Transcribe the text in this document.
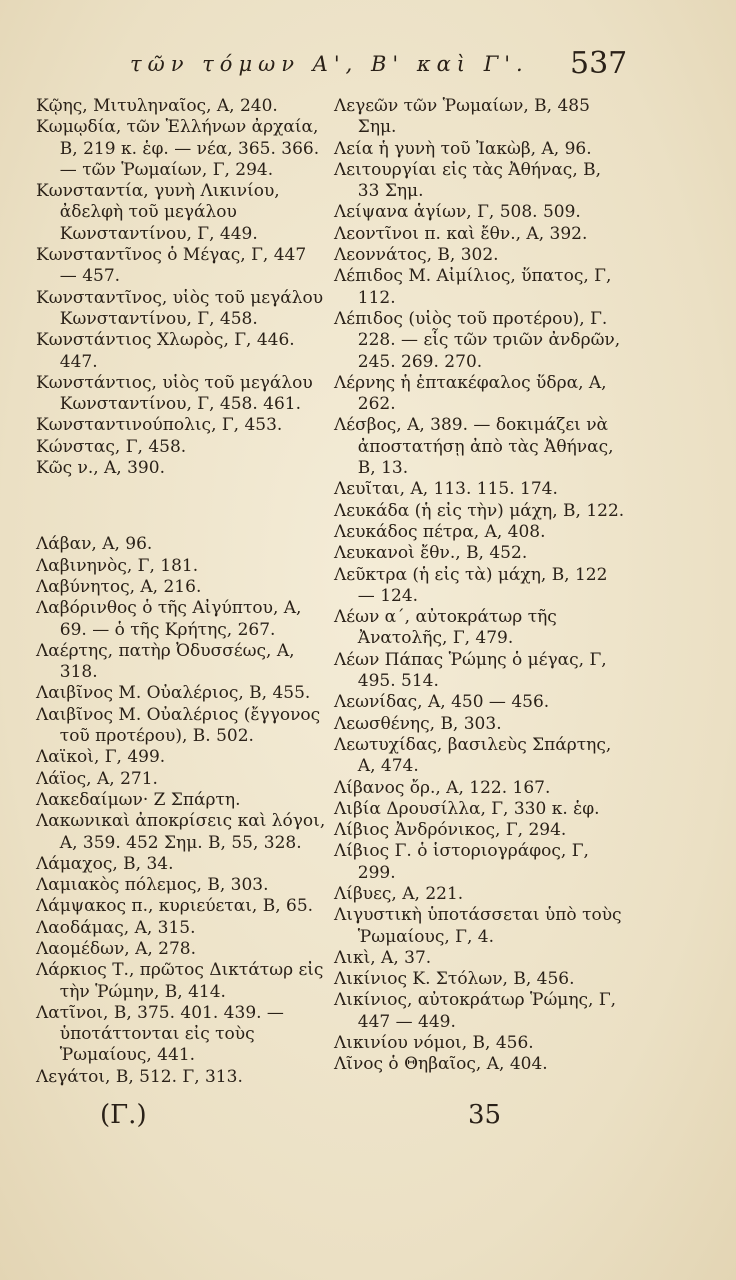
τῶν τόμων Α', Β' καὶ Γ'. 537

Κῷης, Μιτυληναῖος, Α, 240.

Κωμῳδία, τῶν Ἑλλήνων ἀρχαία, Β, 219 κ. ἑφ. — νέα, 365. 366. — τῶν Ῥωμαίων, Γ, 294.

Κωνσταντία, γυνὴ Λικινίου, ἀδελφὴ τοῦ μεγάλου Κωνσταντίνου, Γ, 449.

Κωνσταντῖνος ὁ Μέγας, Γ, 447 — 457.

Κωνσταντῖνος, υἱὸς τοῦ μεγάλου Κωνσταντίνου, Γ, 458.

Κωνστάντιος Χλωρὸς, Γ, 446. 447.

Κωνστάντιος, υἱὸς τοῦ μεγάλου Κωνσταντίνου, Γ, 458. 461.

Κωνσταντινούπολις, Γ, 453.

Κώνστας, Γ, 458.

Κῶς ν., Α, 390.

Λάβαν, Α, 96.

Λαβινηνὸς, Γ, 181.

Λαβύνητος, Α, 216.

Λαβόρινθος ὁ τῆς Αἰγύπτου, Α, 69. — ὁ τῆς Κρήτης, 267.

Λαέρτης, πατὴρ Ὀδυσσέως, Α, 318.

Λαιβῖνος Μ. Οὐαλέριος, Β, 455.

Λαιβῖνος Μ. Οὐαλέριος (ἔγγονος τοῦ προτέρου), Β. 502.

Λαϊκοὶ, Γ, 499.

Λάϊος, Α, 271.

Λακεδαίμων· Ζ Σπάρτη.

Λακωνικαὶ ἀποκρίσεις καὶ λόγοι, Α, 359. 452 Σημ. Β, 55, 328.

Λάμαχος, Β, 34.

Λαμιακὸς πόλεμος, Β, 303.

Λάμψακος π., κυριεύεται, Β, 65.

Λαοδάμας, Α, 315.

Λαομέδων, Α, 278.

Λάρκιος Τ., πρῶτος Δικτάτωρ εἰς τὴν Ῥώμην, Β, 414.

Λατῖνοι, Β, 375. 401. 439. — ὑποτάττονται εἰς τοὺς Ῥωμαίους, 441.

Λεγάτοι, Β, 512. Γ, 313.

Λεγεῶν τῶν Ῥωμαίων, Β, 485 Σημ.

Λεία ἡ γυνὴ τοῦ Ἰακὼβ, Α, 96.

Λειτουργίαι εἰς τὰς Ἀθήνας, Β, 33 Σημ.

Λείψανα ἁγίων, Γ, 508. 509.

Λεοντῖνοι π. καὶ ἔθν., Α, 392.

Λεοννάτος, Β, 302.

Λέπιδος Μ. Αἰμίλιος, ὕπατος, Γ, 112.

Λέπιδος (υἱὸς τοῦ προτέρου), Γ. 228. — εἷς τῶν τριῶν ἀνδρῶν, 245. 269. 270.

Λέρνης ἡ ἑπτακέφαλος ὕδρα, Α, 262.

Λέσβος, Α, 389. — δοκιμάζει νὰ ἀποστατήσῃ ἀπὸ τὰς Ἀθήνας, Β, 13.

Λευῖται, Α, 113. 115. 174.

Λευκάδα (ἡ εἰς τὴν) μάχη, Β, 122.

Λευκάδος πέτρα, Α, 408.

Λευκανοὶ ἔθν., Β, 452.

Λεῦκτρα (ἡ εἰς τὰ) μάχη, Β, 122 — 124.

Λέων α΄, αὐτοκράτωρ τῆς Ἀνατολῆς, Γ, 479.

Λέων Πάπας Ῥώμης ὁ μέγας, Γ, 495. 514.

Λεωνίδας, Α, 450 — 456.

Λεωσθένης, Β, 303.

Λεωτυχίδας, βασιλεὺς Σπάρτης, Α, 474.

Λίβανος ὄρ., Α, 122. 167.

Λιβία Δρουσίλλα, Γ, 330 κ. ἑφ.

Λίβιος Ἀνδρόνικος, Γ, 294.

Λίβιος Γ. ὁ ἱστοριογράφος, Γ, 299.

Λίβυες, Α, 221.

Λιγυστικὴ ὑποτάσσεται ὑπὸ τοὺς Ῥωμαίους, Γ, 4.

Λικὶ, Α, 37.

Λικίνιος Κ. Στόλων, Β, 456.

Λικίνιος, αὐτοκράτωρ Ῥώμης, Γ, 447 — 449.

Λικινίου νόμοι, Β, 456.

Λῖνος ὁ Θηβαῖος, Α, 404.

(Γ.)	35
